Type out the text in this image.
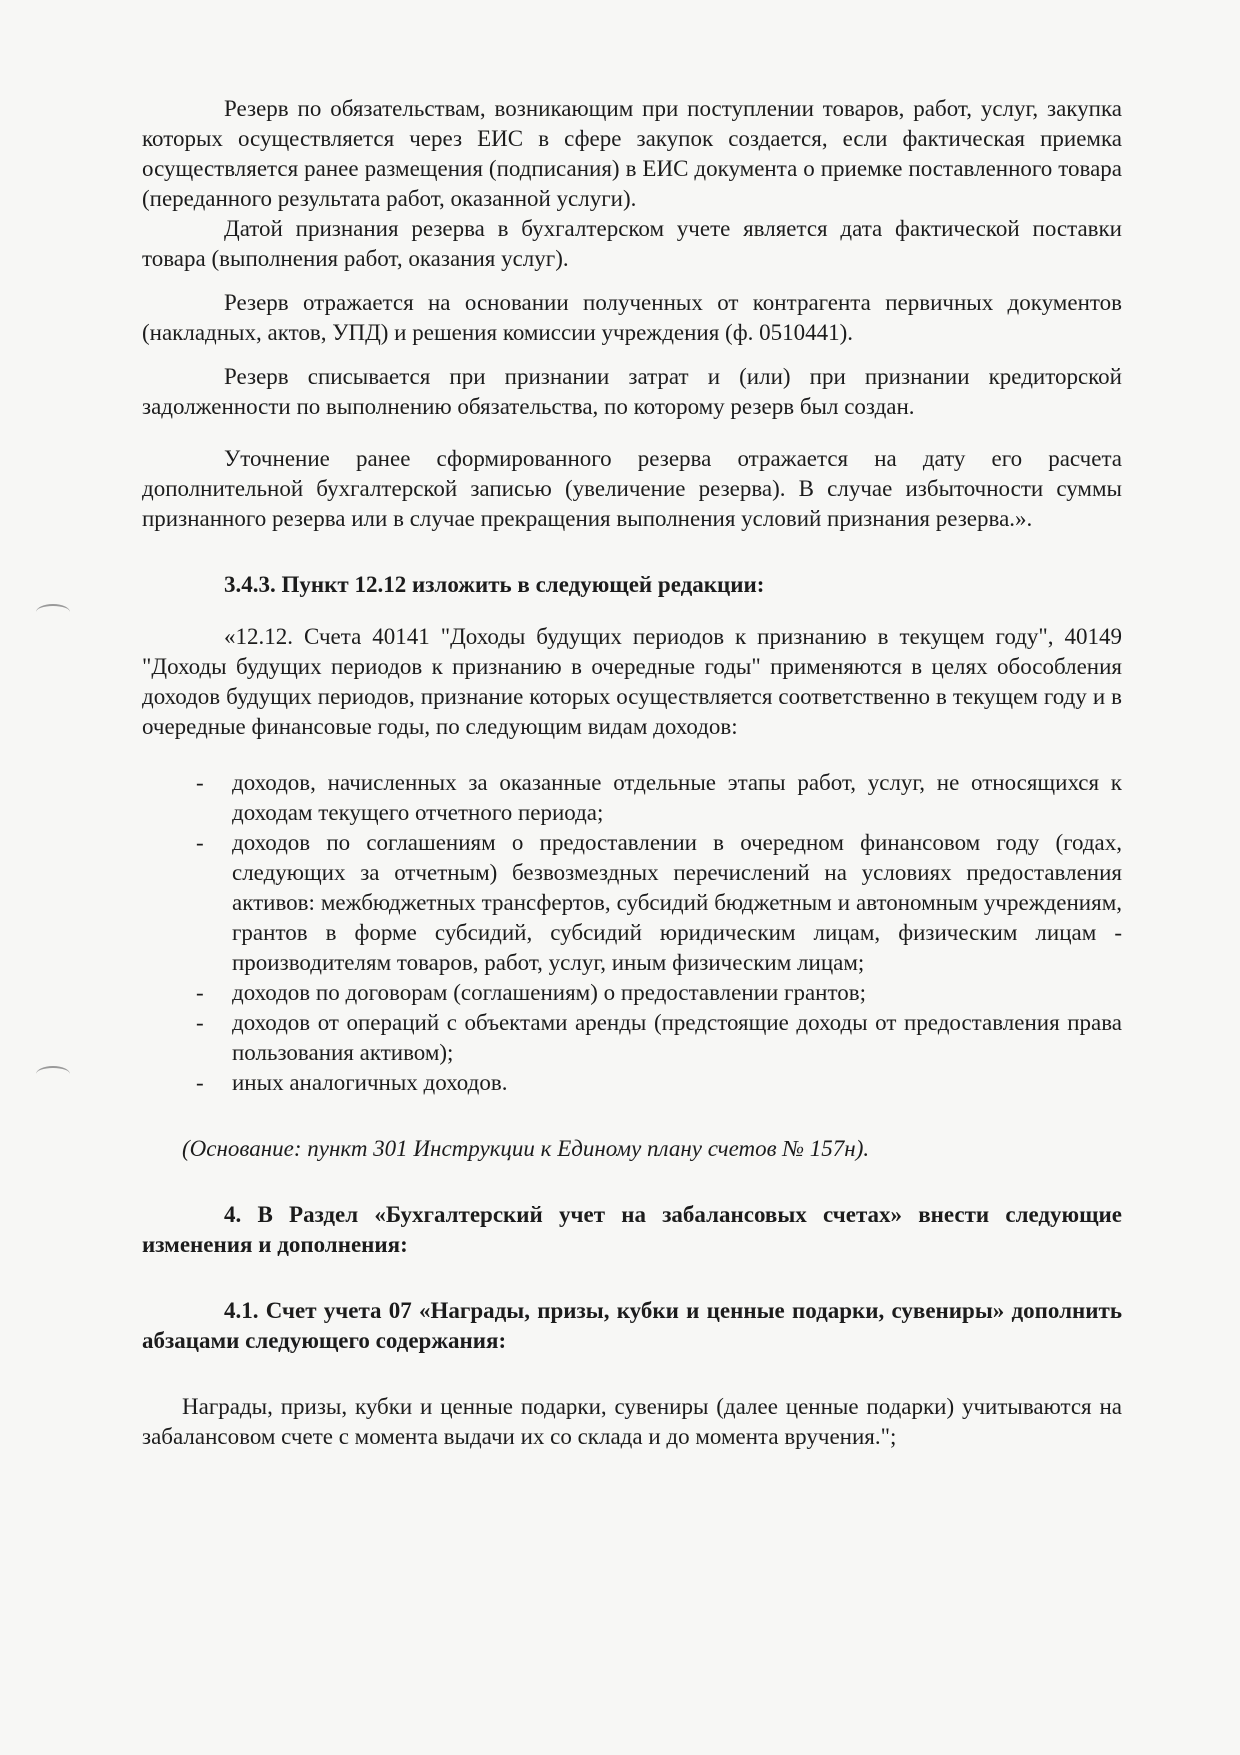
Резерв по обязательствам, возникающим при поступлении товаров, работ, услуг, закупка которых осуществляется через ЕИС в сфере закупок создается, если фактическая приемка осуществляется ранее размещения (подписания) в ЕИС документа о приемке поставленного товара (переданного результата работ, оказанной услуги).

Датой признания резерва в бухгалтерском учете является дата фактической поставки товара (выполнения работ, оказания услуг).

Резерв отражается на основании полученных от контрагента первичных документов (накладных, актов, УПД) и решения комиссии учреждения (ф. 0510441).

Резерв списывается при признании затрат и (или) при признании кредиторской задолженности по выполнению обязательства, по которому резерв был создан.

Уточнение ранее сформированного резерва отражается на дату его расчета дополнительной бухгалтерской записью (увеличение резерва). В случае избыточности суммы признанного резерва или в случае прекращения выполнения условий признания резерва.».

3.4.3. Пункт 12.12 изложить в следующей редакции:

«12.12. Счета 40141 "Доходы будущих периодов к признанию в текущем году", 40149 "Доходы будущих периодов к признанию в очередные годы" применяются в целях обособления доходов будущих периодов, признание которых осуществляется соответственно в текущем году и в очередные финансовые годы, по следующим видам доходов:

- доходов, начисленных за оказанные отдельные этапы работ, услуг, не относящихся к доходам текущего отчетного периода;
- доходов по соглашениям о предоставлении в очередном финансовом году (годах, следующих за отчетным) безвозмездных перечислений на условиях предоставления активов: межбюджетных трансфертов, субсидий бюджетным и автономным учреждениям, грантов в форме субсидий, субсидий юридическим лицам, физическим лицам - производителям товаров, работ, услуг, иным физическим лицам;
- доходов по договорам (соглашениям) о предоставлении грантов;
- доходов от операций с объектами аренды (предстоящие доходы от предоставления права пользования активом);
- иных аналогичных доходов.

(Основание: пункт 301 Инструкции к Единому плану счетов № 157н).

4. В Раздел «Бухгалтерский учет на забалансовых счетах» внести следующие изменения и дополнения:

4.1. Счет учета 07 «Награды, призы, кубки и ценные подарки, сувениры» дополнить абзацами следующего содержания:

Награды, призы, кубки и ценные подарки, сувениры (далее ценные подарки) учитываются на забалансовом счете с момента выдачи их со склада и до момента вручения.";
